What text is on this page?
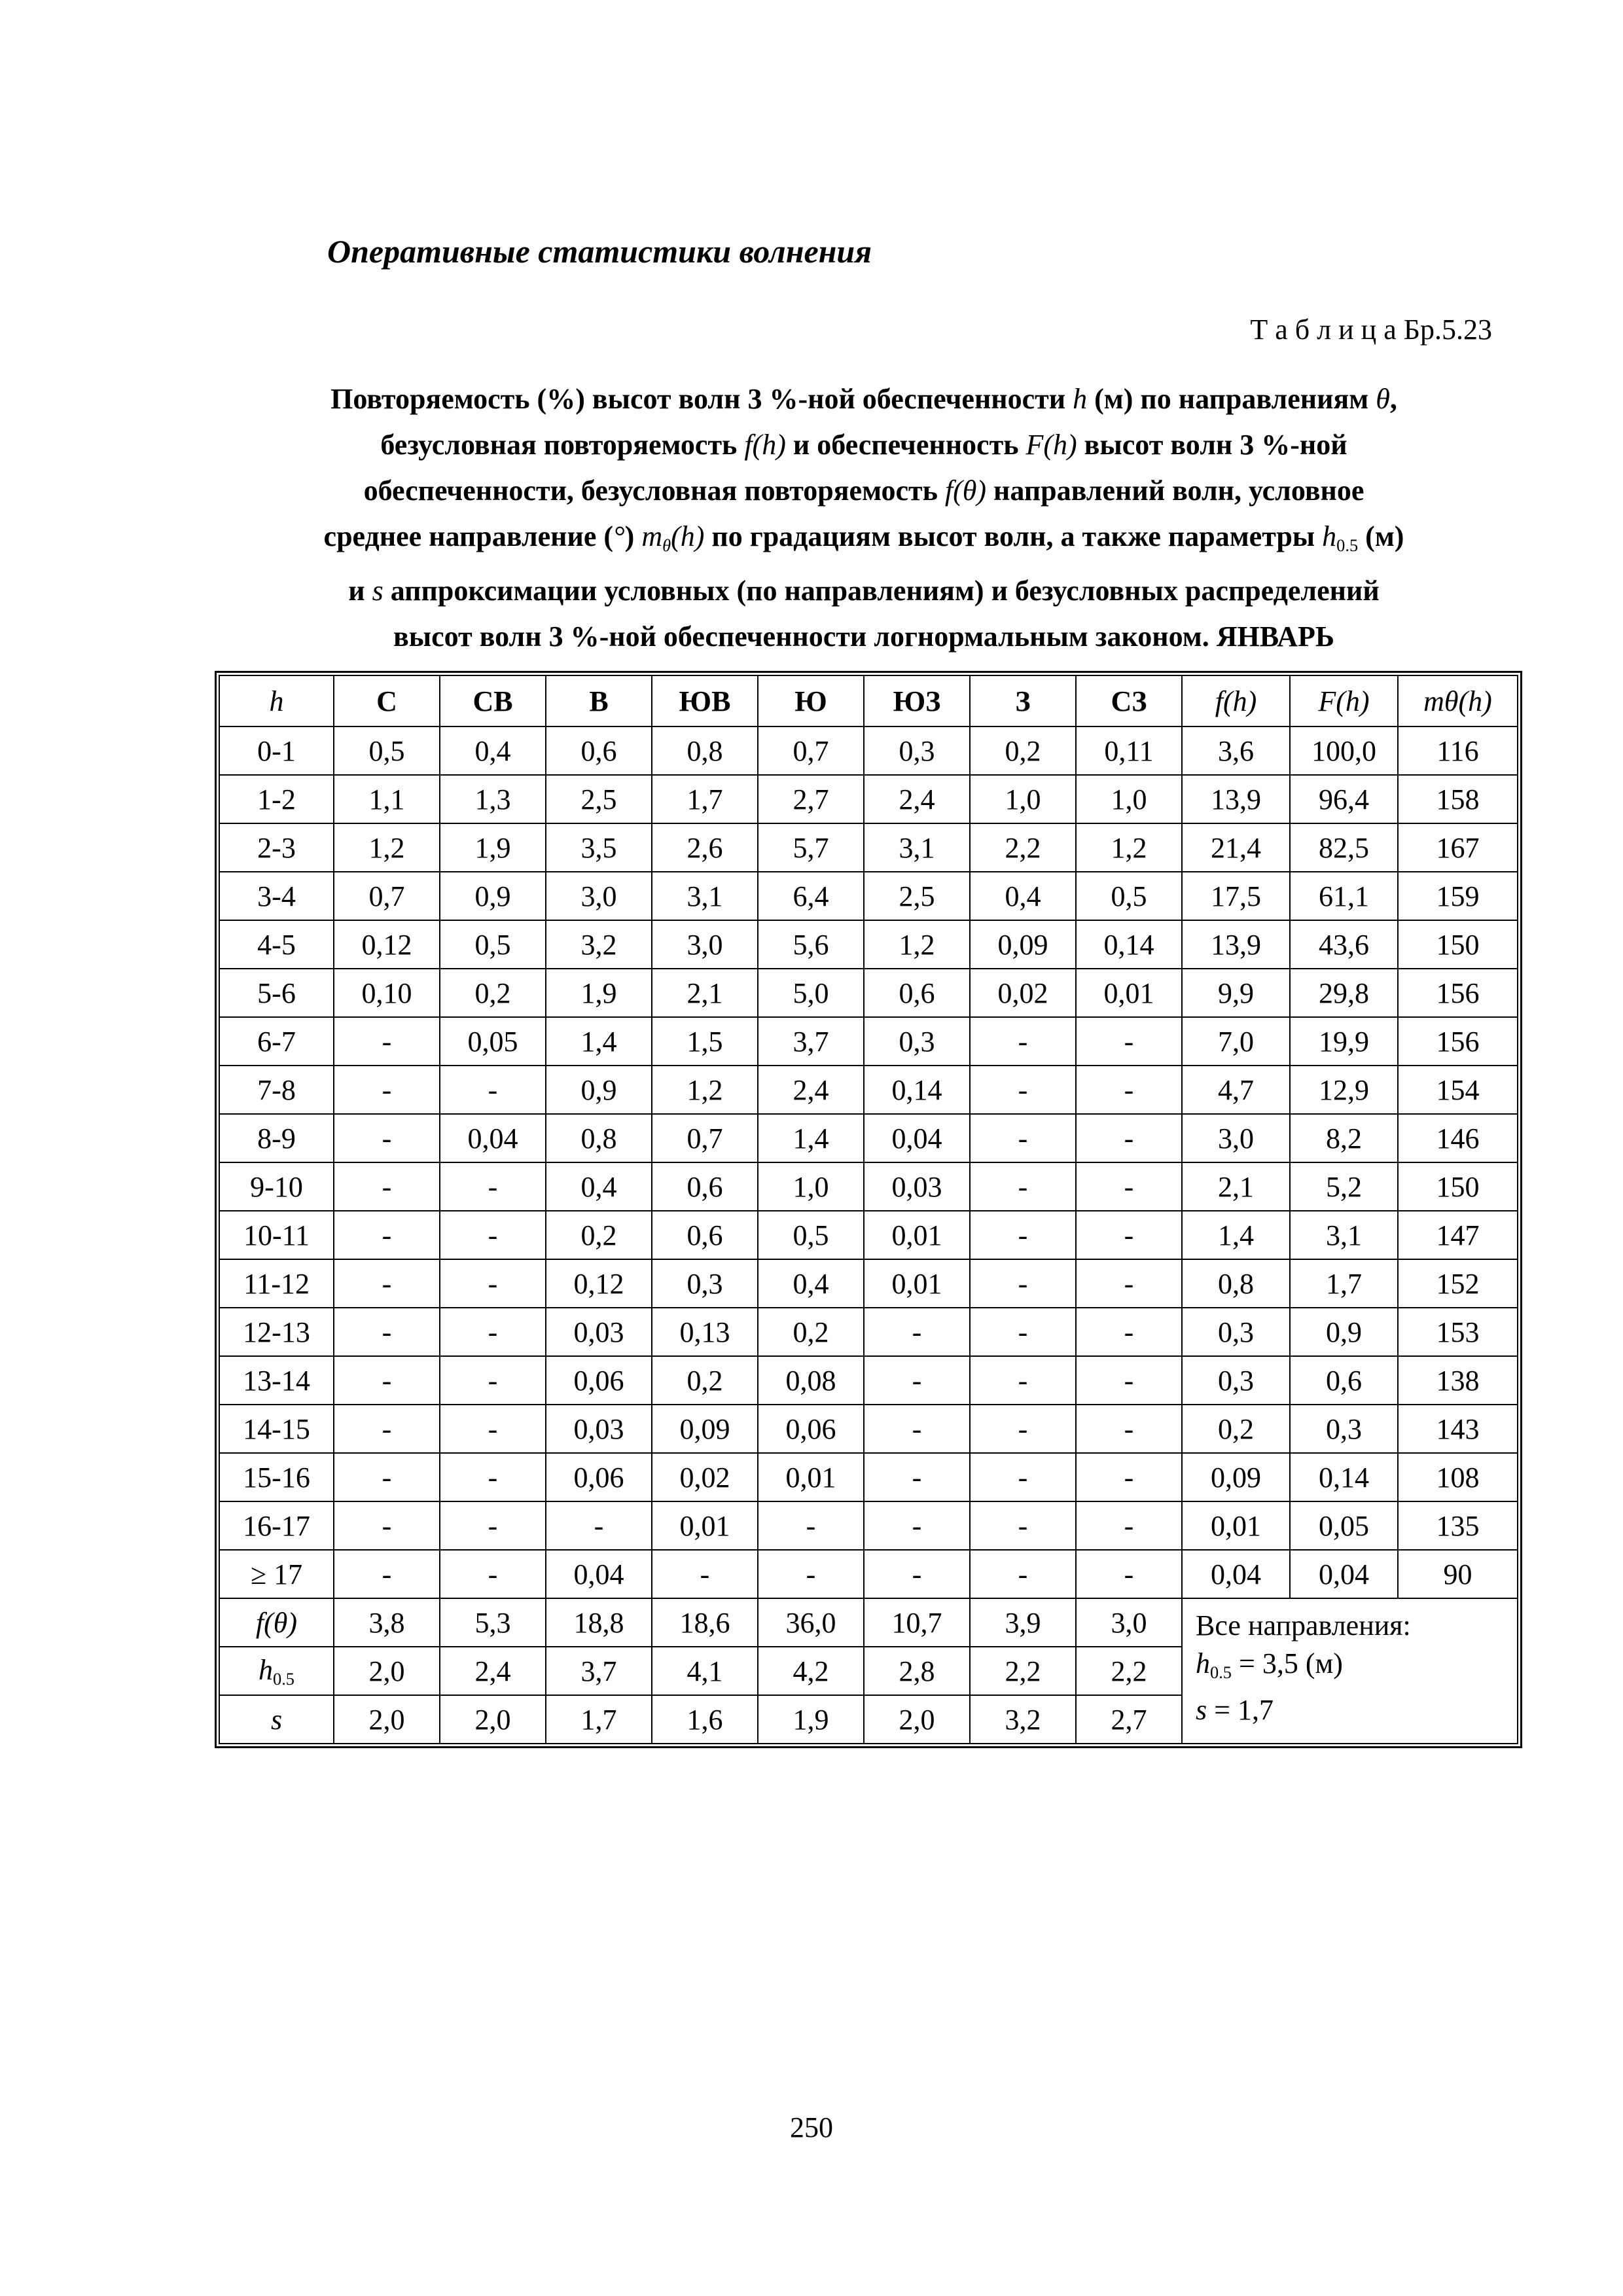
Оперативные статистики волнения
Т а б л и ц а Бр.5.23
Повторяемость (%) высот волн 3 %-ной обеспеченности h (м) по направлениям θ,
безусловная повторяемость f(h) и обеспеченность F(h) высот волн 3 %-ной
обеспеченности, безусловная повторяемость f(θ) направлений волн, условное
среднее направление (°) mθ(h) по градациям высот волн, а также параметры $h_{0.5}$ (м)
и s аппроксимации условных (по направлениям) и безусловных распределений
высот волн 3 %-ной обеспеченности логнормальным законом. ЯНВАРЬ
h	С	СВ	В	ЮВ	Ю	ЮЗ	З	СЗ	f(h)	F(h)	mθ(h)
0-1	0,5	0,4	0,6	0,8	0,7	0,3	0,2	0,11	3,6	100,0	116
1-2	1,1	1,3	2,5	1,7	2,7	2,4	1,0	1,0	13,9	96,4	158
2-3	1,2	1,9	3,5	2,6	5,7	3,1	2,2	1,2	21,4	82,5	167
3-4	0,7	0,9	3,0	3,1	6,4	2,5	0,4	0,5	17,5	61,1	159
4-5	0,12	0,5	3,2	3,0	5,6	1,2	0,09	0,14	13,9	43,6	150
5-6	0,10	0,2	1,9	2,1	5,0	0,6	0,02	0,01	9,9	29,8	156
6-7	-	0,05	1,4	1,5	3,7	0,3	-	-	7,0	19,9	156
7-8	-	-	0,9	1,2	2,4	0,14	-	-	4,7	12,9	154
8-9	-	0,04	0,8	0,7	1,4	0,04	-	-	3,0	8,2	146
9-10	-	-	0,4	0,6	1,0	0,03	-	-	2,1	5,2	150
10-11	-	-	0,2	0,6	0,5	0,01	-	-	1,4	3,1	147
11-12	-	-	0,12	0,3	0,4	0,01	-	-	0,8	1,7	152
12-13	-	-	0,03	0,13	0,2	-	-	-	0,3	0,9	153
13-14	-	-	0,06	0,2	0,08	-	-	-	0,3	0,6	138
14-15	-	-	0,03	0,09	0,06	-	-	-	0,2	0,3	143
15-16	-	-	0,06	0,02	0,01	-	-	-	0,09	0,14	108
16-17	-	-	-	0,01	-	-	-	-	0,01	0,05	135
≥ 17	-	-	0,04	-	-	-	-	-	0,04	0,04	90
f(θ)	3,8	5,3	18,8	18,6	36,0	10,7	3,9	3,0	Все направления:
$h_{0.5} = 3,5$ (м)
s = 1,7		

$h_{0.5}$	2,0	2,4	3,7	4,1	4,2	2,8	2,2	2,2			
s	2,0	2,0	1,7	1,6	1,9	2,0	3,2	2,7			
250
